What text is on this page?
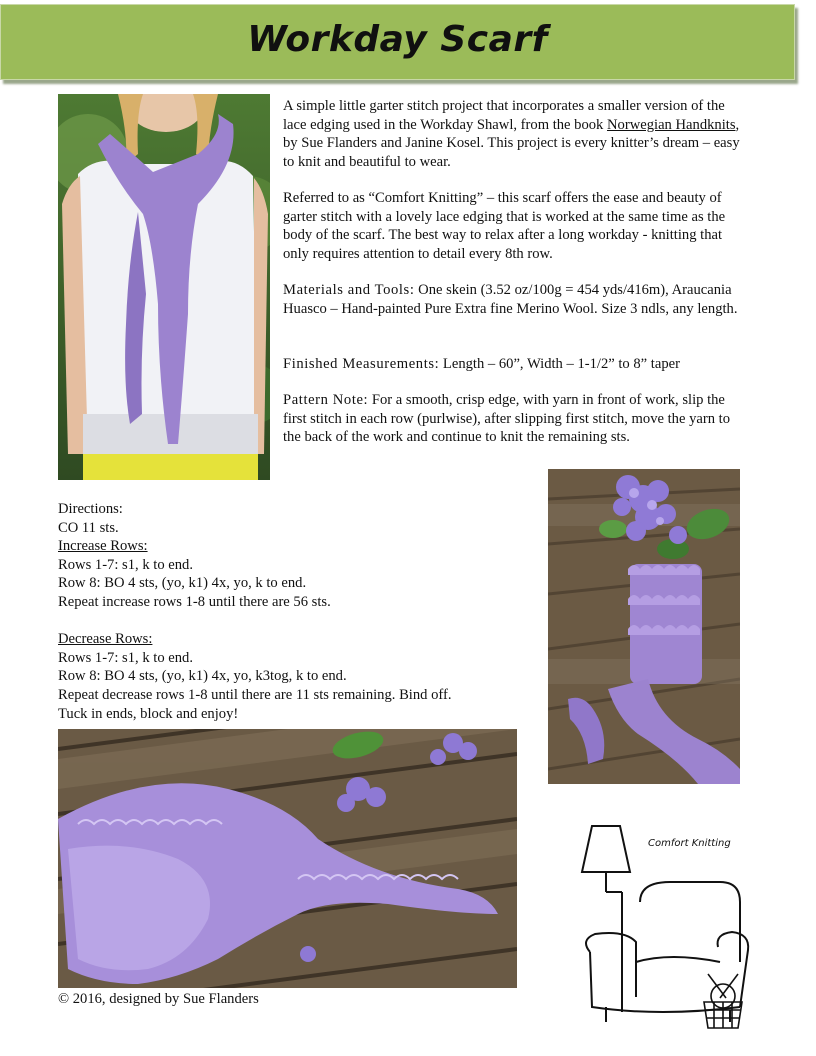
Workday Scarf
A simple little garter stitch project that incorporates a smaller version of the lace edging used in the Workday Shawl, from the book Norwegian Handknits, by Sue Flanders and Janine Kosel. This project is every knitter’s dream – easy to knit and beautiful to wear.
Referred to as “Comfort Knitting” – this scarf offers the ease and beauty of garter stitch with a lovely lace edging that is worked at the same time as the body of the scarf. The best way to relax after a long workday - knitting that only requires attention to detail every 8th row.
Materials and Tools: One skein (3.52 oz/100g = 454 yds/416m), Araucania Huasco – Hand-painted Pure Extra fine Merino Wool. Size 3 ndls, any length.
Finished Measurements: Length – 60”, Width – 1-1/2” to 8” taper
Pattern Note: For a smooth, crisp edge, with yarn in front of work, slip the first stitch in each row (purlwise), after slipping first stitch, move the yarn to the back of the work and continue to knit the remaining sts.
Directions:
CO 11 sts.
Increase Rows:
Rows 1-7: s1, k to end.
Row 8: BO 4 sts, (yo, k1) 4x, yo, k to end.
Repeat increase rows 1-8 until there are 56 sts.
Decrease Rows:
Rows 1-7: s1, k to end.
Row 8: BO 4 sts, (yo, k1) 4x, yo, k3tog, k to end.
Repeat decrease rows 1-8 until there are 11 sts remaining. Bind off.
Tuck in ends, block and enjoy!
Comfort Knitting
© 2016, designed by Sue Flanders
